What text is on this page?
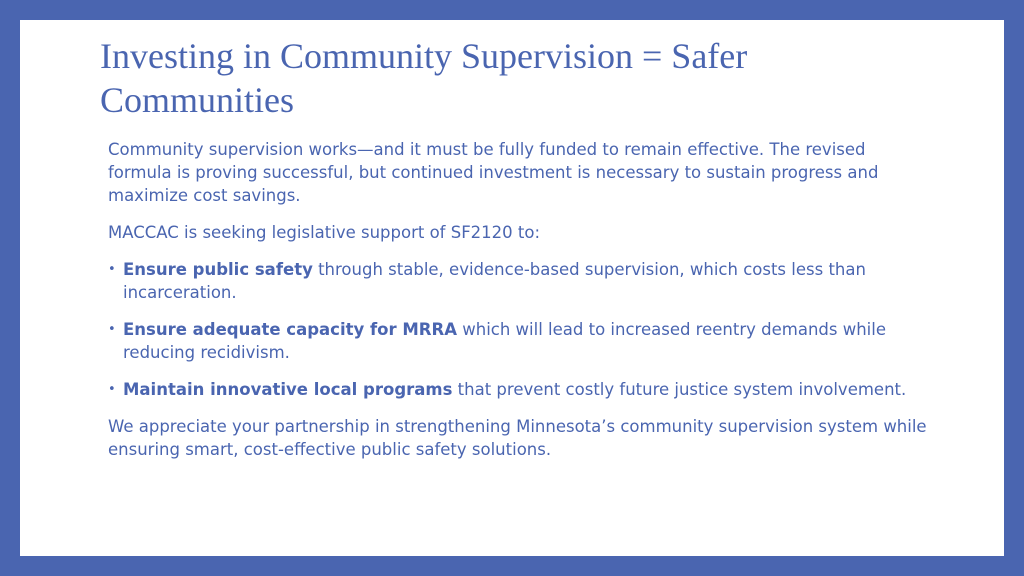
Investing in Community Supervision = Safer Communities

Community supervision works—and it must be fully funded to remain effective. The revised formula is proving successful, but continued investment is necessary to sustain progress and maximize cost savings.

MACCAC is seeking legislative support of SF2120 to:

• Ensure public safety through stable, evidence-based supervision, which costs less than incarceration.
• Ensure adequate capacity for MRRA which will lead to increased reentry demands while reducing recidivism.
• Maintain innovative local programs that prevent costly future justice system involvement.

We appreciate your partnership in strengthening Minnesota’s community supervision system while ensuring smart, cost-effective public safety solutions.
